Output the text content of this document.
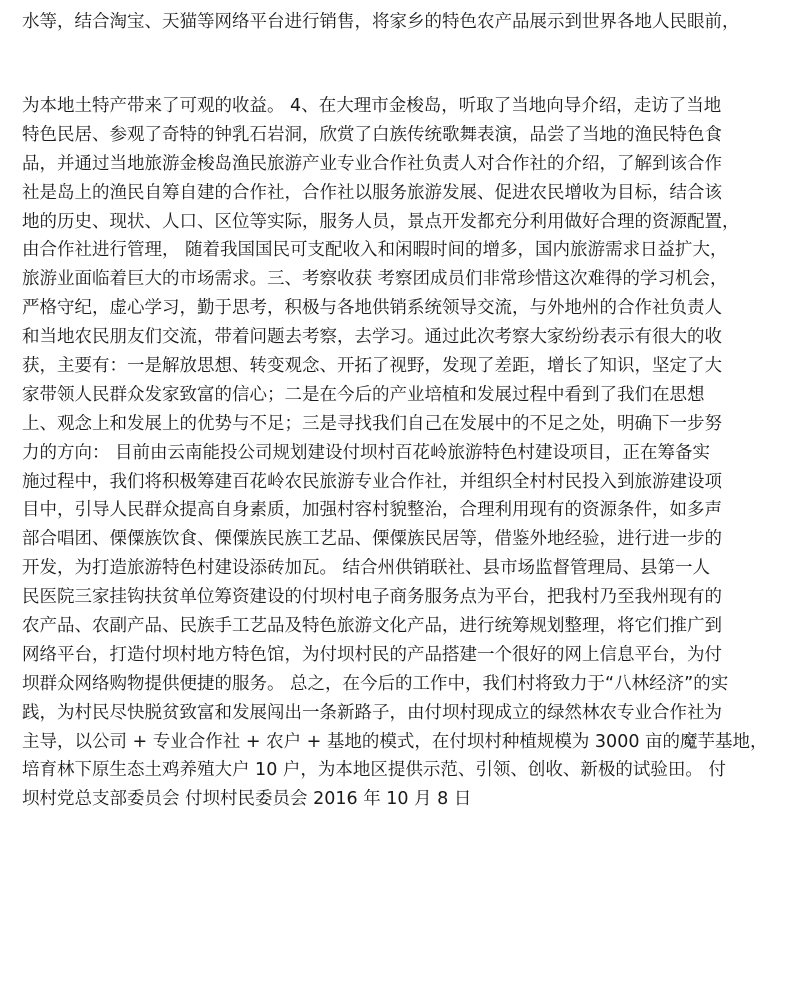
水等，结合淘宝、天猫等网络平台进行销售，将家乡的特色农产品展示到世界各地人民眼前，
为本地土特产带来了可观的收益。 4、在大理市金梭岛，听取了当地向导介绍，走访了当地
特色民居、参观了奇特的钟乳石岩洞，欣赏了白族传统歌舞表演，品尝了当地的渔民特色食
品，并通过当地旅游金梭岛渔民旅游产业专业合作社负责人对合作社的介绍，了解到该合作
社是岛上的渔民自筹自建的合作社，合作社以服务旅游发展、促进农民增收为目标，结合该
地的历史、现状、人口、区位等实际，服务人员，景点开发都充分利用做好合理的资源配置，
由合作社进行管理， 随着我国国民可支配收入和闲暇时间的增多，国内旅游需求日益扩大，
旅游业面临着巨大的市场需求。三、考察收获 考察团成员们非常珍惜这次难得的学习机会，
严格守纪，虚心学习，勤于思考，积极与各地供销系统领导交流，与外地州的合作社负责人
和当地农民朋友们交流，带着问题去考察，去学习。通过此次考察大家纷纷表示有很大的收
获，主要有：一是解放思想、转变观念、开拓了视野，发现了差距，增长了知识，坚定了大
家带领人民群众发家致富的信心；二是在今后的产业培植和发展过程中看到了我们在思想
上、观念上和发展上的优势与不足；三是寻找我们自己在发展中的不足之处，明确下一步努
力的方向： 目前由云南能投公司规划建设付坝村百花岭旅游特色村建设项目，正在筹备实
施过程中，我们将积极筹建百花岭农民旅游专业合作社，并组织全村村民投入到旅游建设项
目中，引导人民群众提高自身素质，加强村容村貌整治，合理利用现有的资源条件，如多声
部合唱团、傈僳族饮食、傈僳族民族工艺品、傈僳族民居等，借鉴外地经验，进行进一步的
开发，为打造旅游特色村建设添砖加瓦。 结合州供销联社、县市场监督管理局、县第一人
民医院三家挂钩扶贫单位筹资建设的付坝村电子商务服务点为平台，把我村乃至我州现有的
农产品、农副产品、民族手工艺品及特色旅游文化产品，进行统筹规划整理，将它们推广到
网络平台，打造付坝村地方特色馆，为付坝村民的产品搭建一个很好的网上信息平台，为付
坝群众网络购物提供便捷的服务。 总之，在今后的工作中，我们村将致力于“八林经济”的实
践，为村民尽快脱贫致富和发展闯出一条新路子，由付坝村现成立的绿然林农专业合作社为
主导，以公司 + 专业合作社 + 农户 + 基地的模式，在付坝村种植规模为 3000 亩的魔芋基地，
培育林下原生态土鸡养殖大户 10 户，为本地区提供示范、引领、创收、新极的试验田。 付
坝村党总支部委员会 付坝村民委员会 2016 年 10 月 8 日
